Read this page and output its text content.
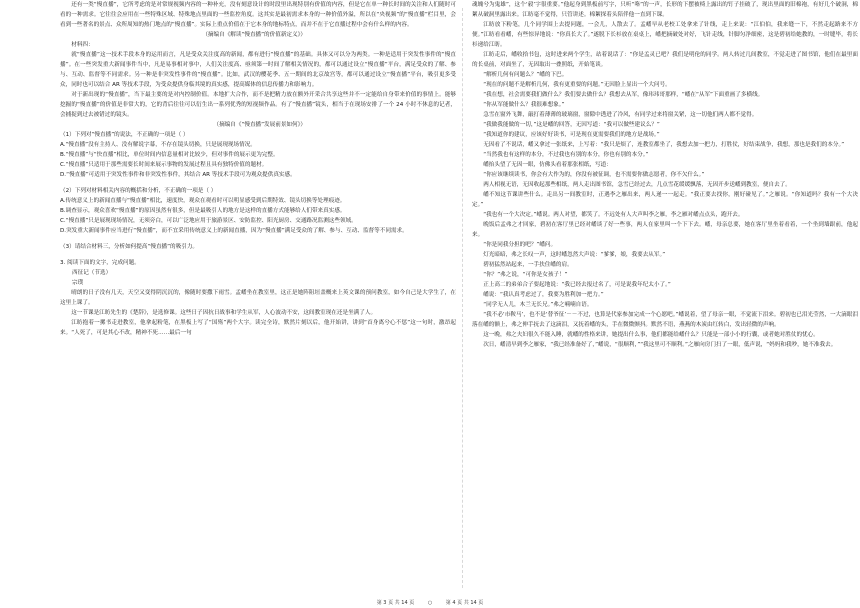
还有一类“慢直播”，它所考虑的是对常规视频内容的一种补充，没有刻意设计的时段里出现特别有价值的内容，但是它在单一种长时间的关注和人们随时可看的一种需求。它往往会应用在一些特殊区域、特殊地点里面的一些监控角度。这其实是最初需求本身的一种价值外溢，所以在“央视频”的“慢直播”栏目里，会看到一些著名的景点、众所周知的热门地点的“慢直播”。实际上重点价值在于它本身的地标特点，而并不在于它直播过程中会有什么样的内容。

（摘编自《解读“慢直播”的价值新定义》）

材料四：

就“慢直播”这一技术手段本身的运用而言，凡是受众关注度高的新闻，都有进行“慢直播”的基础。具体又可以分为两类。一种是适用于突发性事件的“慢直播”。在一些突发重大新闻事件当中，凡是易事相对事中，人们关注度高、亟须第一时间了解相关情况的，都可以通过设立“慢直播”平台，满足受众的了解、参与、互动、监督等不同需求。另一种是非突发性事件的“慢直播”。比如，武汉的樱花季、五一期间的北京故宫等，都可以通过设立“慢直播”平台，吸引更多受众，同时也可以结合 AR 等技术手段，为受众提供身临其境的真实感，提高媒体的信息传播力和影响力。

对于新出现的“慢直播”，当下最主要的是对内控制价值。本地扩大合作，而不是把精力放在额外开采合共享这些并不一定能给自身带来价值的事情上。能够挖掘的“慢直播”的价值是非常大的，它的背后往往可以衍生出一系列优秀的短视频作品。有了“慢直播”镜头，相当于在现场安排了一个 24 小时不休息的记者，会捕捉到过去被错过的镜头。

（摘编自《“慢直播”发展前景如何》）

（1）下列对“慢直播”的说法，不正确的一项是（ ）

A.“慢直播”没有主持人、没有解说字幕，不存在镜头切换，只是展现现场情况。

B.“慢直播”与“快直播”相比，单位时间内信息量相对比较少，但对事件的展示更为完整。

C.“慢直播”只适用于那些需要长时间来展示事物的发展过程且具有独特价值的题材。

D.“慢直播”可适用于突发性事件和非突发性事件，其结合 AR 等技术手段可为观众提供真实感。

（2）下列对材料相关内容的概括和分析，不正确的一项是（ ）

A.传统意义上的新闻直播与“慢直播”相比，速度快，观众在观看时可以明显感受到后期特效、镜头切换等处理痕迹。

B.调查显示，观众喜欢“慢直播”的原因虽然有很多，但是最吸引人的地方是这样的直播方式能够给人们带来真实感。

C.“慢直播”只是展现现场情况，无须旁白，可以广泛地应用于旅游景区、安防监控、阳光厨房、交通路况监测这些领域。

D.突发重大新闻事件应当进行“慢直播”，而不宜采用传统意义上的新闻直播，因为“慢直播”满足受众的了解、参与、互动、监督等不同需求。

（3）请结合材料三，分析如何提高“慢直播”的吸引力。

3. 阅读下面的文字，完成问题。

西征记（节选）

宗璞

晴朗的日子没有几天，天空又变得阴沉沉的，像随时要撒下雨雪。孟嶓坐在教室里，这正是她阵阻垣盖概来上英文课的预问教室，如今自己是大学生了，在这里上课了。

这一节课是江昉先生的《楚辞》，是选修课。这些日子因抗日战事和学生从军，人心波动不安，这间教室现在还是坐满了人。

江昉抱着一摞书走进教室，他拿起粉笔，在黑板上写了“国殇”两个大字。读完全诗，默然片刻以后，他开始讲，讲到“首身离兮心不惩”这一句时，激昂起来。“人死了，可是其心不改，精神不死……最后一句

魂魄兮为鬼雄”，这个‘毅’字很重要。”他起身到黑板前写字，只听“咯”的一声，长形的下摆被椅上露出的钉子挂破了，现出里面的旧棉袍，有好几个破洞，棉絮从破洞里露出来。江昉毫不觉得，只管讲述。棉絮探着头陪伴他一直到下课。

江昉放下粉笔，几个同学围上去提问题，一会儿，人散去了。孟嶓早从老校工处拿来了针线，走上来说：“江伯伯，我来缝一下，不然走起路来不方便。”江昉看看嶓，有些惊异地说：“你真长大了。”遂脱下长衫放在桌桌上，嶓把摘破处对好，飞针走线，针脚匀净细密，这是碧初给她教的，一时缝毕，将长衫递给江昉。

江昉走后，嶓收拾书包，这时进来两个学生，站着说话了：“你是孟灵已吧？我们是明伦的同学。两人转过几间教室，不觉走进了图书馆，他们在最里面的长桌前，对面坐了，无因取出一叠照纸，开始笔谈。

“解析几何有问题么？”嶓的下巴。

“现在的问题不是解析几何，我有更重要的问题。”无因脸上显出一个大问号。

“我在想，社会需要我们做什么？我们要去做什么？我想去从军，像玮玮哥那样，“嶓在“从军”下面重画了多横线。

“你从军能做什么？我很难想象。”

急雪在窗外飞舞，敲打着薄薄的玻璃窗，窗隙中透进了冷风，有同学过来将窗关紧，这一切他们两人都不觉得。

“我做我能做的一切，”这是嶓的回答，无因写道：“我可以做些建议么？”

“我知道你的建议，应该好好读书，可是现在更需要我们的地方是战场。”

无因看了不说话，嶓又拿过一张纸来，上写着：“我只是烦了，连教室都坐了，我想去加一把力，打胜仗，好结束战争，我想，那也是我们的本分。”

“当然我也有这样的本分，不过我也有别的本分，你也有别的本分。”

嶓抬头望了无因一眼，仿佛头看着那张相纸，写道：

“你应该继续读书，你会有大作为的，你没有被征调，也不需要你做志愿者，你不欠什么。”

两人相视无语，无因收起那些相纸，两人走出图书馆，急雪已经过去，几点雪花缓缓飘落，无因开步送嶓到教室，便自去了。

嶓不知这节课讲些什么。走出另一间教室时，正遇李之雁出来，两人递一一起走。“我正要去找你，刚好碰见了。”之雁说。“你知道吗？我有一个大决定。”

“我也有一个大决定。”嶓说。两人对望，都笑了。不远处有人大声叫李之雁，李之雁对嶓点点头，跑开去。

晚饭后孟弗之才回家，碧初在客厅里已经对嶓谈了好一些事，两人在家里叫一个下下去。嶓，母亲总要，她在客厅里坐着看着，一个坐到墙跟前，他起来。

“你是同我分担的吧？”嶓问。

灯光暗暗，弗之长叹一声，这时嶓忽然大声说：“爹爹，娘，我要去从军。”

碧初猛然站起来，一手扶住嶓的肩。

“你？”弗之说，“可你是女孩子！”

正上高二的弟弟合子要起地说：“我已经去报过名了，可是说我年纪太小了。”

嶓说：“我认真考虑过了，我要为胜利加一把力。”

“同学无人儿，木兰无长兄。”弗之喃喃自语。

“我不必‘市鞍马’，也不是‘替爷征’－－不过，也算是代家参加完成一个心愿吧。”嶓说着，望了母亲一眼，不觉流下泪来。碧初也已泪光莹然，一大滴眼泪落在嶓的额上，弗之伸手抚去了这滴泪，又抚着嶓的头，手在微微颤抖。默然不语，燕燕的木炭由红转白，发出轻微的声响。

这一晚，弗之夫妇很久不能入睡，就嶓的性格来讲，她提出什么事，他们都能给嶓什么？只能是一部小小的行囊，或者她对胜仗的忧心。

次日，嶓清早到李之雁家，“我已经准备好了，”嶓说，“很顺利，”“我这里可不顺利。”之雁向房门扫了一眼，低声说，“妈妈和我吵，她不准我去。

第 3 页 共 14 页	○	第 4 页 共 14 页
